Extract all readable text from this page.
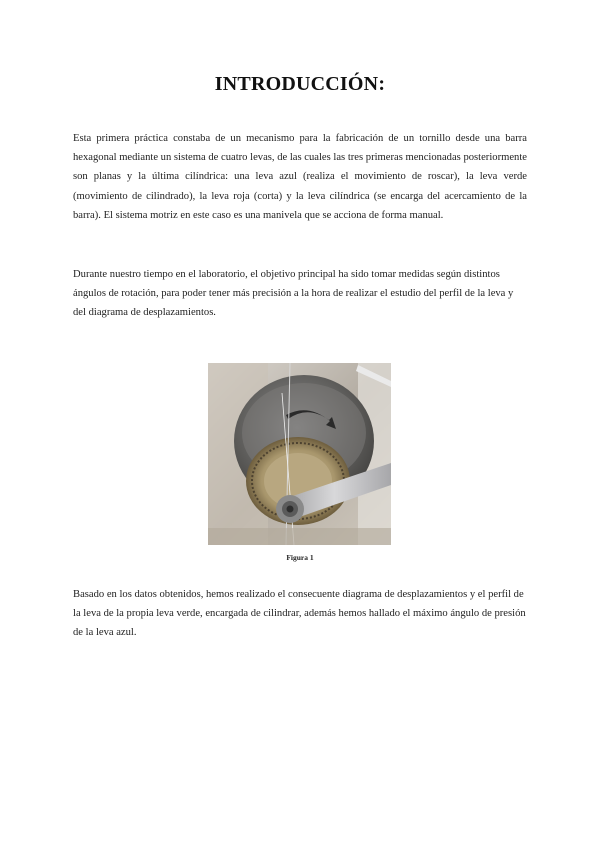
INTRODUCCIÓN:

Esta primera práctica constaba de un mecanismo para la fabricación de un tornillo desde una barra hexagonal mediante un sistema de cuatro levas, de las cuales las tres primeras mencionadas posteriormente son planas y la última cilíndrica: una leva azul (realiza el movimiento de roscar), la leva verde (movimiento de cilindrado), la leva roja (corta) y la leva cilíndrica (se encarga del acercamiento de la barra). El sistema motriz en este caso es una manivela que se acciona de forma manual.

Durante nuestro tiempo en el laboratorio, el objetivo principal ha sido tomar medidas según distintos ángulos de rotación, para poder tener más precisión a la hora de realizar el estudio del perfil de la leva y del diagrama de desplazamientos.

Figura 1

Basado en los datos obtenidos, hemos realizado el consecuente diagrama de desplazamientos y el perfil de la leva de la propia leva verde, encargada de cilindrar, además hemos hallado el máximo ángulo de presión de la leva azul.
